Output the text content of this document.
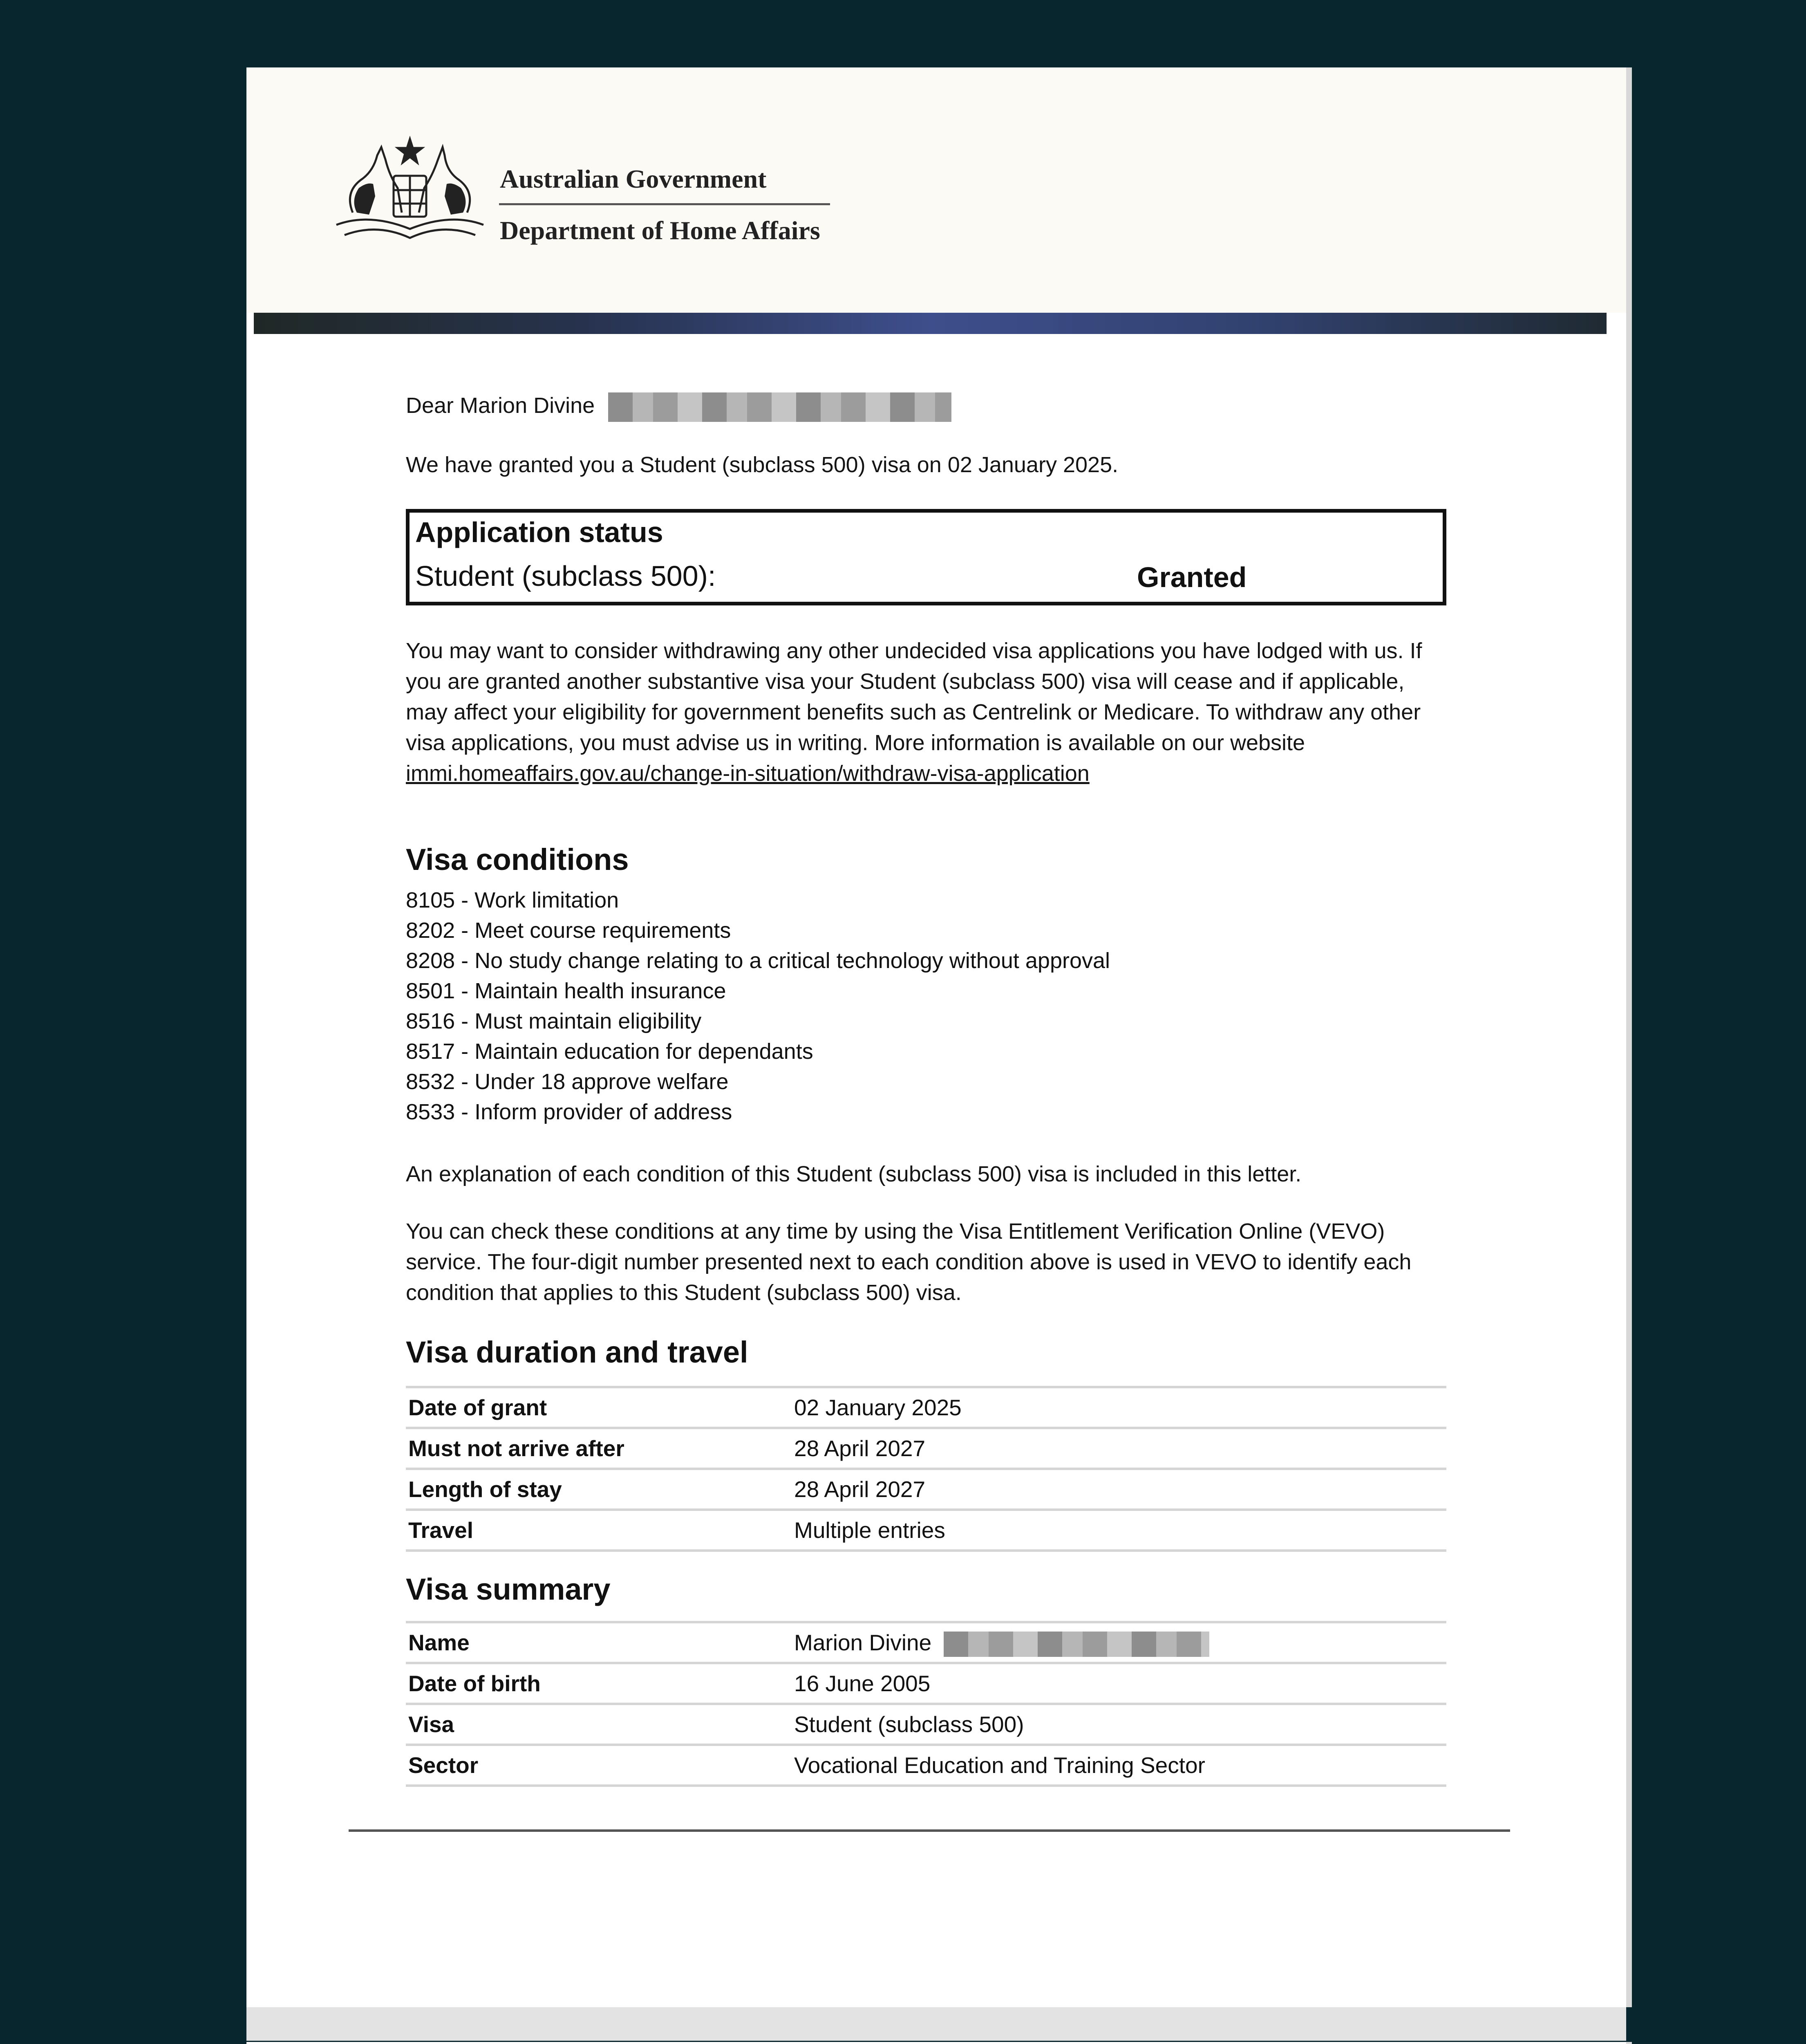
Australian Government
Department of Home Affairs
Dear Marion Divine
We have granted you a Student (subclass 500) visa on 02 January 2025.
Application status
Student (subclass 500):	Granted
You may want to consider withdrawing any other undecided visa applications you have lodged with us. If you are granted another substantive visa your Student (subclass 500) visa will cease and if applicable, may affect your eligibility for government benefits such as Centrelink or Medicare. To withdraw any other visa applications, you must advise us in writing. More information is available on our website immi.homeaffairs.gov.au/change-in-situation/withdraw-visa-application
Visa conditions
8105 - Work limitation
8202 - Meet course requirements
8208 - No study change relating to a critical technology without approval
8501 - Maintain health insurance
8516 - Must maintain eligibility
8517 - Maintain education for dependants
8532 - Under 18 approve welfare
8533 - Inform provider of address
An explanation of each condition of this Student (subclass 500) visa is included in this letter.
You can check these conditions at any time by using the Visa Entitlement Verification Online (VEVO) service. The four-digit number presented next to each condition above is used in VEVO to identify each condition that applies to this Student (subclass 500) visa.
Visa duration and travel
Date of grant	02 January 2025
Must not arrive after	28 April 2027
Length of stay	28 April 2027
Travel	Multiple entries
Visa summary
Name	Marion Divine
Date of birth	16 June 2005
Visa	Student (subclass 500)
Sector	Vocational Education and Training Sector
